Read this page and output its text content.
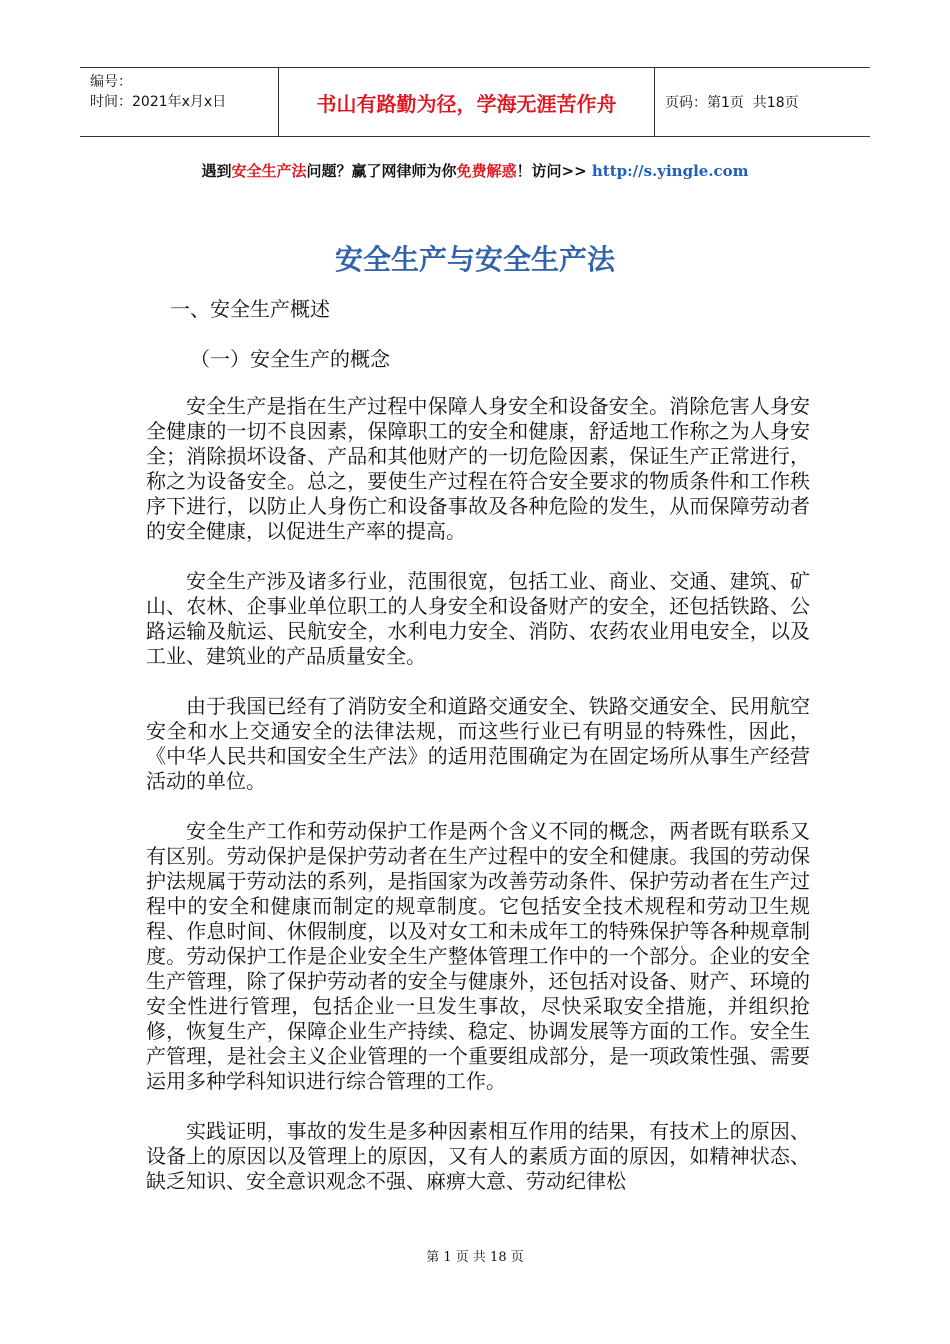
编号：
时间：2021年x月x日	书山有路勤为径，学海无涯苦作舟	页码：第1页  共18页
遇到安全生产法问题？赢了网律师为你免费解惑！访问>> http://s.yingle.com
安全生产与安全生产法
一、安全生产概述
（一）安全生产的概念

安全生产是指在生产过程中保障人身安全和设备安全。消除危害人身安全健康的一切不良因素，保障职工的安全和健康，舒适地工作称之为人身安全；消除损坏设备、产品和其他财产的一切危险因素，保证生产正常进行，称之为设备安全。总之，要使生产过程在符合安全要求的物质条件和工作秩序下进行，以防止人身伤亡和设备事故及各种危险的发生，从而保障劳动者的安全健康，以促进生产率的提高。

安全生产涉及诸多行业，范围很宽，包括工业、商业、交通、建筑、矿山、农林、企事业单位职工的人身安全和设备财产的安全，还包括铁路、公路运输及航运、民航安全，水利电力安全、消防、农药农业用电安全，以及工业、建筑业的产品质量安全。

由于我国已经有了消防安全和道路交通安全、铁路交通安全、民用航空安全和水上交通安全的法律法规，而这些行业已有明显的特殊性，因此，《中华人民共和国安全生产法》的适用范围确定为在固定场所从事生产经营活动的单位。

安全生产工作和劳动保护工作是两个含义不同的概念，两者既有联系又有区别。劳动保护是保护劳动者在生产过程中的安全和健康。我国的劳动保护法规属于劳动法的系列，是指国家为改善劳动条件、保护劳动者在生产过程中的安全和健康而制定的规章制度。它包括安全技术规程和劳动卫生规程、作息时间、休假制度，以及对女工和未成年工的特殊保护等各种规章制度。劳动保护工作是企业安全生产整体管理工作中的一个部分。企业的安全生产管理，除了保护劳动者的安全与健康外，还包括对设备、财产、环境的安全性进行管理，包括企业一旦发生事故，尽快采取安全措施，并组织抢修，恢复生产，保障企业生产持续、稳定、协调发展等方面的工作。安全生产管理，是社会主义企业管理的一个重要组成部分，是一项政策性强、需要运用多种学科知识进行综合管理的工作。

实践证明，事故的发生是多种因素相互作用的结果，有技术上的原因、设备上的原因以及管理上的原因，又有人的素质方面的原因，如精神状态、缺乏知识、安全意识观念不强、麻痹大意、劳动纪律松

第 1 页 共 18 页
